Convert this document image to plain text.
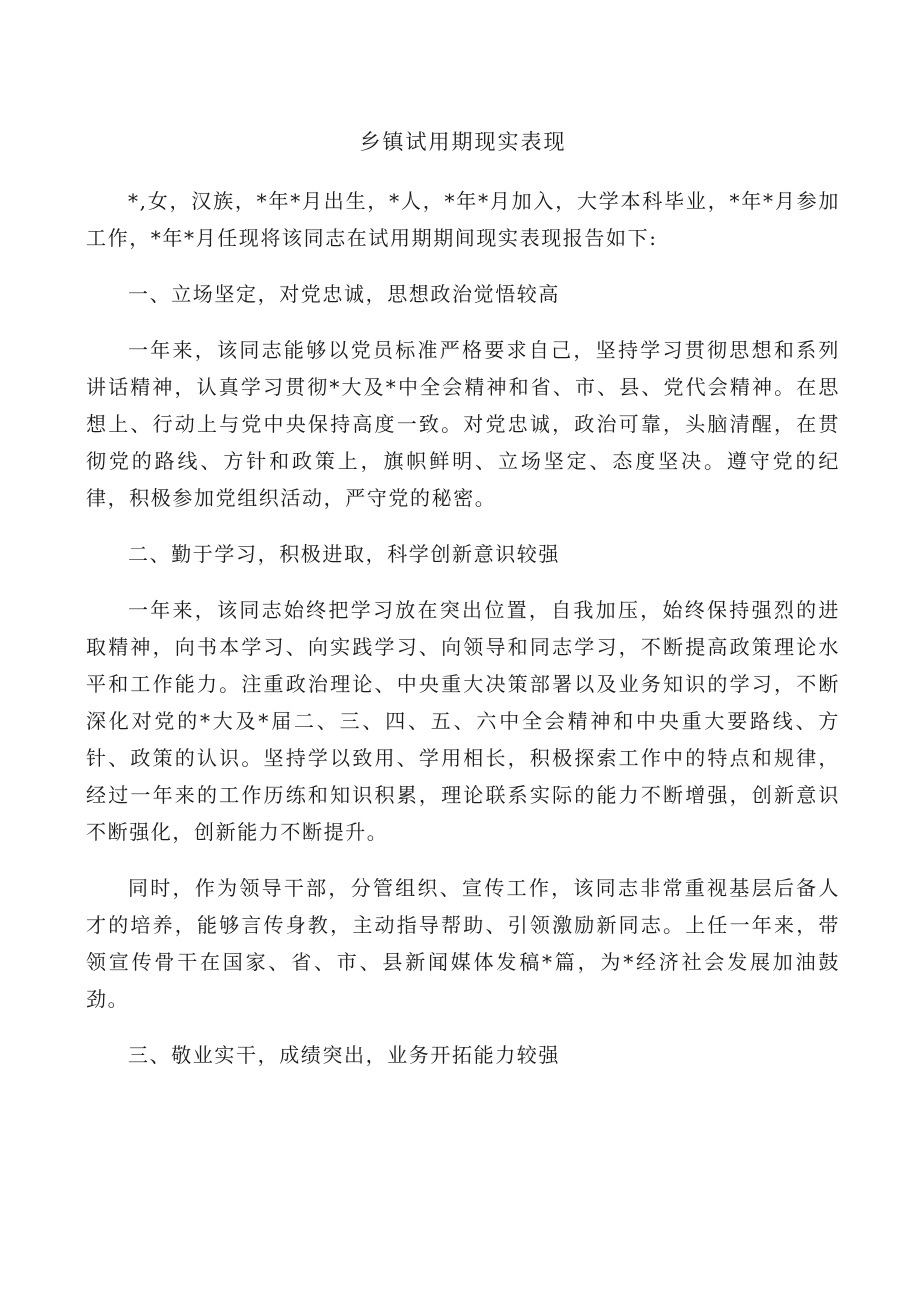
乡镇试用期现实表现

*,女，汉族，*年*月出生，*人，*年*月加入，大学本科毕业，*年*月参加工作，*年*月任现将该同志在试用期期间现实表现报告如下:

一、立场坚定，对党忠诚，思想政治觉悟较高

一年来，该同志能够以党员标准严格要求自己，坚持学习贯彻思想和系列讲话精神，认真学习贯彻*大及*中全会精神和省、市、县、党代会精神。在思想上、行动上与党中央保持高度一致。对党忠诚，政治可靠，头脑清醒，在贯彻党的路线、方针和政策上，旗帜鲜明、立场坚定、态度坚决。遵守党的纪律，积极参加党组织活动，严守党的秘密。

二、勤于学习，积极进取，科学创新意识较强

一年来，该同志始终把学习放在突出位置，自我加压，始终保持强烈的进取精神，向书本学习、向实践学习、向领导和同志学习，不断提高政策理论水平和工作能力。注重政治理论、中央重大决策部署以及业务知识的学习，不断深化对党的*大及*届二、三、四、五、六中全会精神和中央重大要路线、方针、政策的认识。坚持学以致用、学用相长，积极探索工作中的特点和规律，经过一年来的工作历练和知识积累，理论联系实际的能力不断增强，创新意识不断强化，创新能力不断提升。

同时，作为领导干部，分管组织、宣传工作，该同志非常重视基层后备人才的培养，能够言传身教，主动指导帮助、引领激励新同志。上任一年来，带领宣传骨干在国家、省、市、县新闻媒体发稿*篇，为*经济社会发展加油鼓劲。

三、敬业实干，成绩突出，业务开拓能力较强
